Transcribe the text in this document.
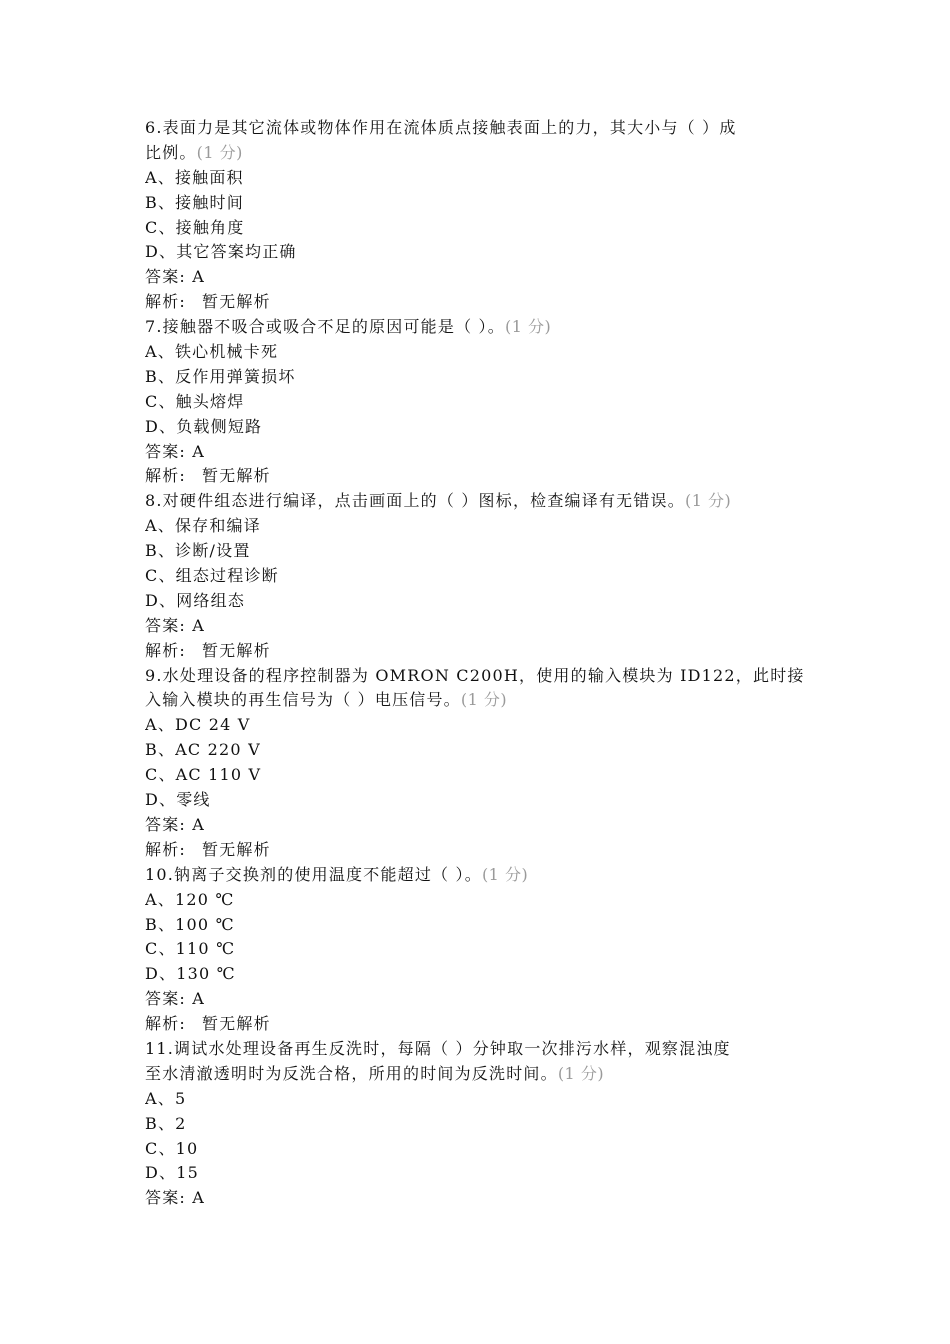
6.表面力是其它流体或物体作用在流体质点接触表面上的力，其大小与（ ）成
比例。(1 分)
A、接触面积
B、接触时间
C、接触角度
D、其它答案均正确
答案: A
解析: 暂无解析
7.接触器不吸合或吸合不足的原因可能是（ ）。(1 分)
A、铁心机械卡死
B、反作用弹簧损坏
C、触头熔焊
D、负载侧短路
答案: A
解析: 暂无解析
8.对硬件组态进行编译，点击画面上的（ ）图标，检查编译有无错误。(1 分)
A、保存和编译
B、诊断/设置
C、组态过程诊断
D、网络组态
答案: A
解析: 暂无解析
9.水处理设备的程序控制器为 OMRON C200H，使用的输入模块为 ID122，此时接
入输入模块的再生信号为（ ）电压信号。(1 分)
A、DC 24 V
B、AC 220 V
C、AC 110 V
D、零线
答案: A
解析: 暂无解析
10.钠离子交换剂的使用温度不能超过（ ）。(1 分)
A、120 ℃
B、100 ℃
C、110 ℃
D、130 ℃
答案: A
解析: 暂无解析
11.调试水处理设备再生反洗时，每隔（ ）分钟取一次排污水样，观察混浊度
至水清澈透明时为反洗合格，所用的时间为反洗时间。(1 分)
A、5
B、2
C、10
D、15
答案: A
